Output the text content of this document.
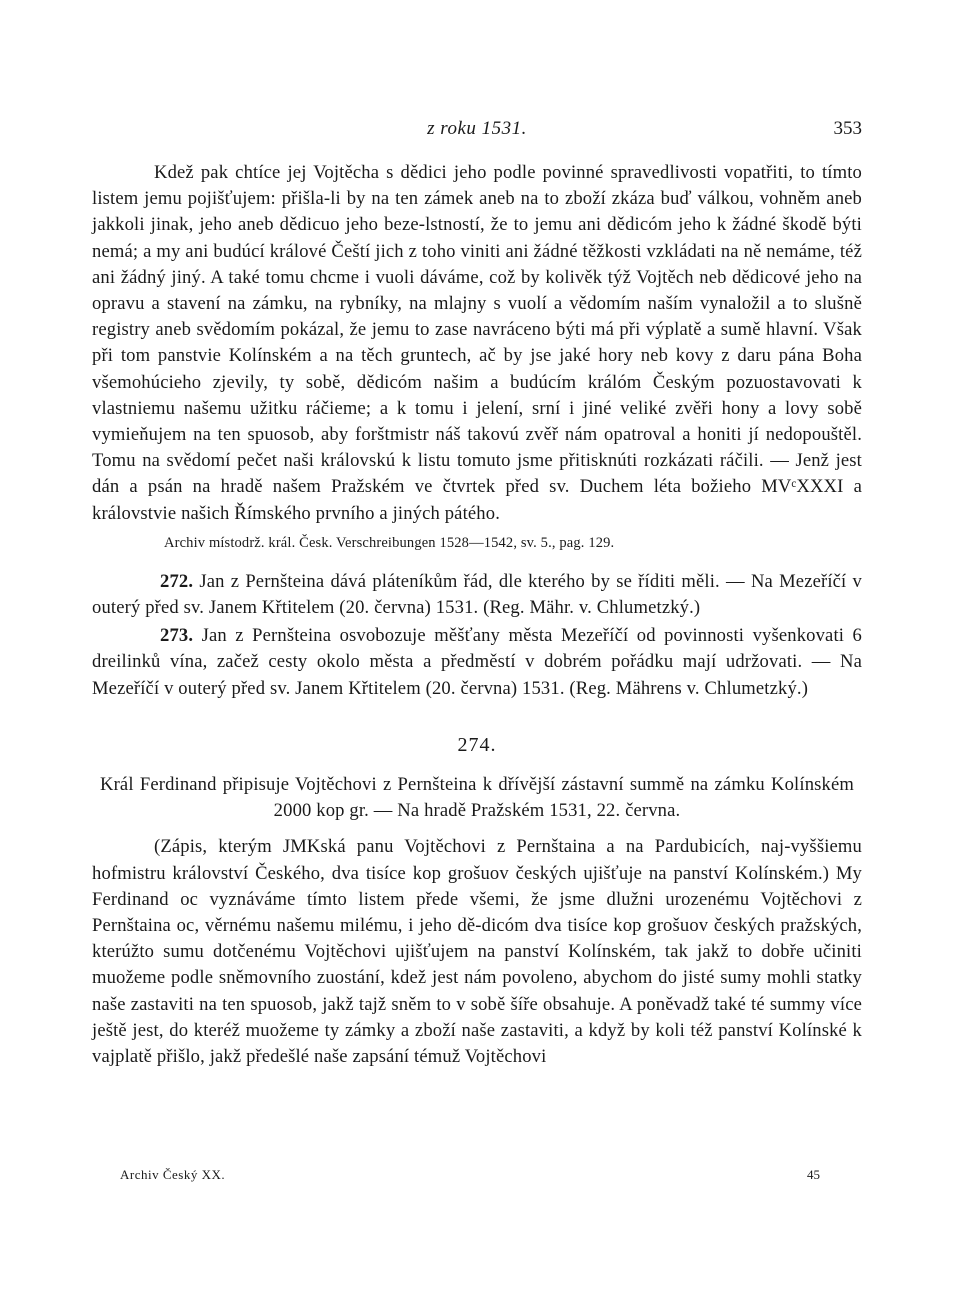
z roku 1531.	353

Kdež pak chtíce jej Vojtěcha s dědici jeho podle povinné spravedlivosti vopatřiti, to tímto listem jemu pojišťujem: přišla-li by na ten zámek aneb na to zboží zkáza buď válkou, vohněm aneb jakkoli jinak, jeho aneb dědicuo jeho beze-lstností, že to jemu ani dědicóm jeho k žádné škodě býti nemá; a my ani budúcí králové Čeští jich z toho viniti ani žádné těžkosti vzkládati na ně nemáme, též ani žádný jiný. A také tomu chcme i vuoli dáváme, což by kolivěk týž Vojtěch neb dědicové jeho na opravu a stavení na zámku, na rybníky, na mlajny s vuolí a vědomím naším vynaložil a to slušně registry aneb svědomím pokázal, že jemu to zase navráceno býti má při výplatě a sumě hlavní. Však při tom panstvie Kolínském a na těch gruntech, ač by jse jaké hory neb kovy z daru pána Boha všemohúcieho zjevily, ty sobě, dědicóm našim a budúcím králóm Českým pozuostavovati k vlastniemu našemu užitku ráčieme; a k tomu i jelení, srní i jiné veliké zvěři hony a lovy sobě vymieňujem na ten spuosob, aby forštmistr náš takovú zvěř nám opatroval a honiti jí nedopouštěl. Tomu na svědomí pečet naši královskú k listu tomuto jsme přitisknúti rozkázati ráčili. — Jenž jest dán a psán na hradě našem Pražském ve čtvrtek před sv. Duchem léta božieho MVᶜXXXI a královstvie našich Římského prvního a jiných pátého.

Archiv místodrž. král. Česk. Verschreibungen 1528—1542, sv. 5., pag. 129.

272. Jan z Pernšteina dává pláteníkům řád, dle kterého by se říditi měli. — Na Mezeříčí v outerý před sv. Janem Křtitelem (20. června) 1531. (Reg. Mähr. v. Chlumetzký.)

273. Jan z Pernšteina osvobozuje měšťany města Mezeříčí od povinnosti vyšenkovati 6 dreilinků vína, začež cesty okolo města a předměstí v dobrém pořádku mají udržovati. — Na Mezeříčí v outerý před sv. Janem Křtitelem (20. června) 1531. (Reg. Mährens v. Chlumetzký.)

274.

Král Ferdinand připisuje Vojtěchovi z Pernšteina k dřívější zástavní summě na zámku Kolínském 2000 kop gr. — Na hradě Pražském 1531, 22. června.

(Zápis, kterým JMKská panu Vojtěchovi z Pernštaina a na Pardubicích, naj-vyššiemu hofmistru království Českého, dva tisíce kop grošuov českých ujišťuje na panství Kolínském.) My Ferdinand oc vyznáváme tímto listem přede všemi, že jsme dlužni urozenému Vojtěchovi z Pernštaina oc, věrnému našemu milému, i jeho dě-dicóm dva tisíce kop grošuov českých pražských, kterúžto sumu dotčenému Vojtěchovi ujišťujem na panství Kolínském, tak jakž to dobře učiniti muožeme podle sněmovního zuostání, kdež jest nám povoleno, abychom do jisté sumy mohli statky naše zastaviti na ten spuosob, jakž tajž sněm to v sobě šíře obsahuje. A poněvadž také té summy více ještě jest, do kteréž muožeme ty zámky a zboží naše zastaviti, a když by koli též panství Kolínské k vajplatě přišlo, jakž předešlé naše zapsání témuž Vojtěchovi

Archiv Český XX.	45
